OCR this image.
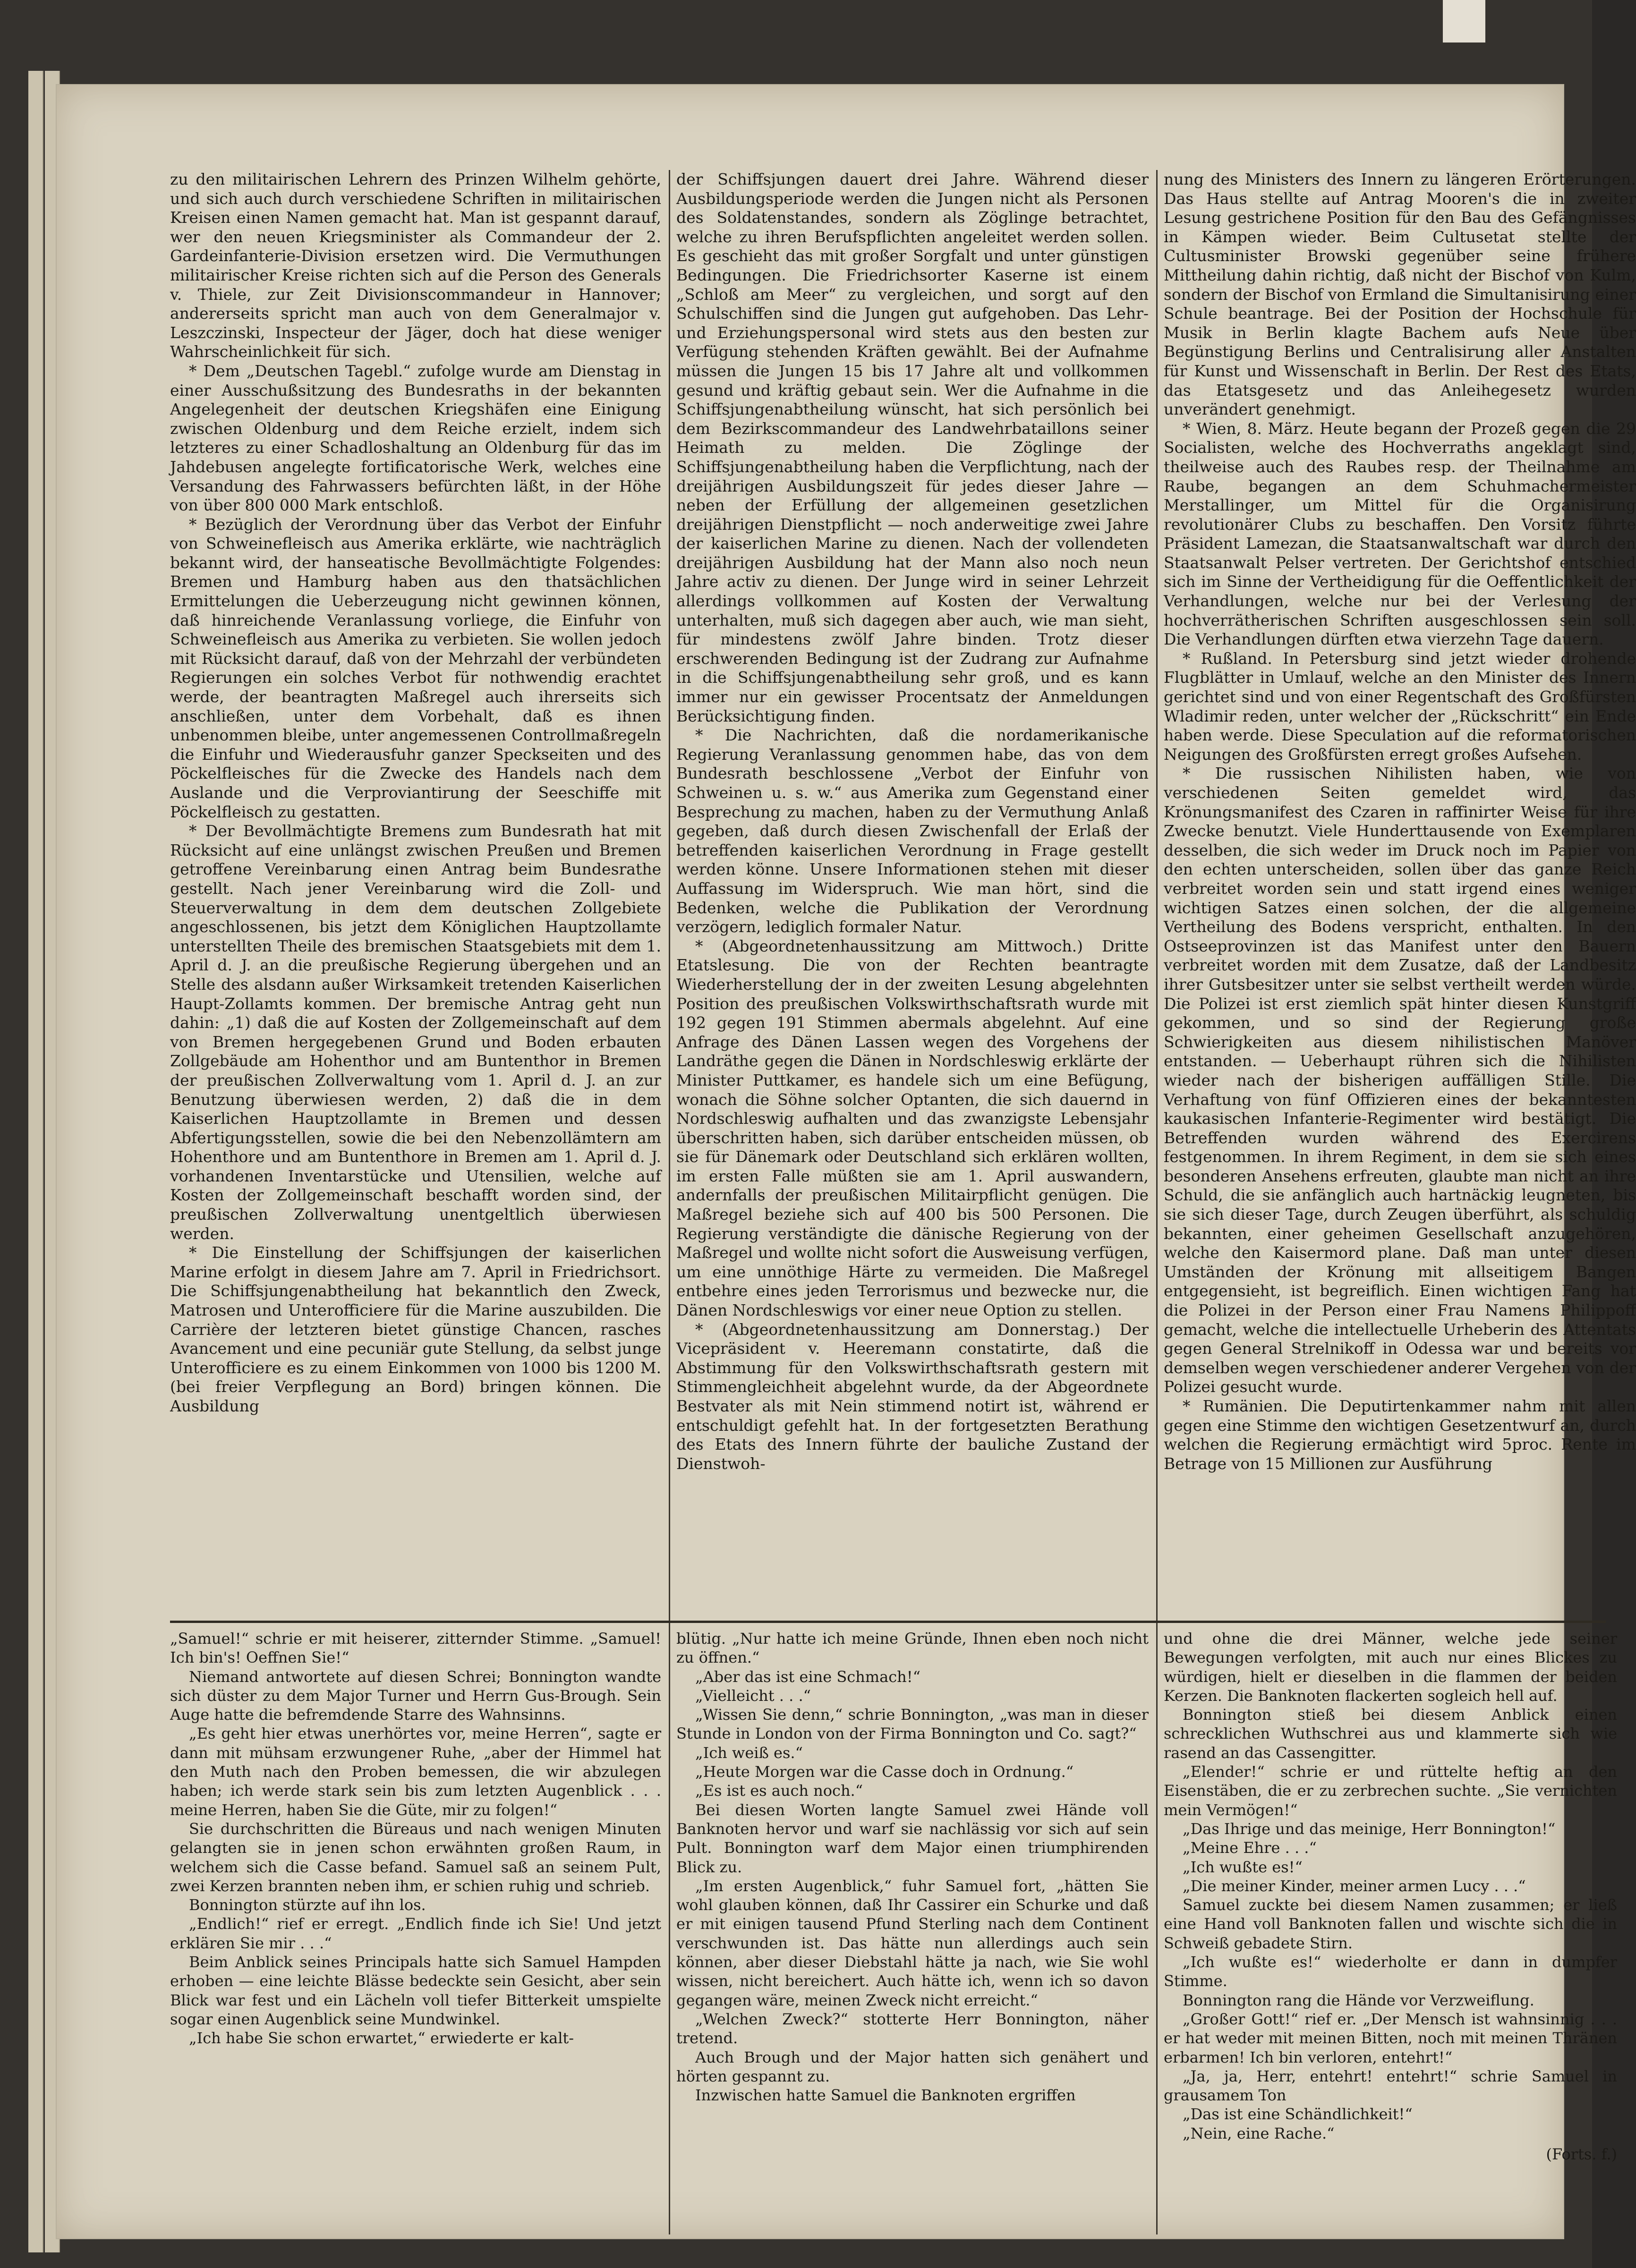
zu den militairischen Lehrern des Prinzen Wilhelm gehörte, und sich auch durch verschiedene Schriften in militairischen Kreisen einen Namen gemacht hat. Man ist gespannt darauf, wer den neuen Kriegsminister als Commandeur der 2. Gardeinfanterie-Division ersetzen wird. Die Vermuthungen militairischer Kreise richten sich auf die Person des Generals v. Thiele, zur Zeit Divisionscommandeur in Hannover; andererseits spricht man auch von dem Generalmajor v. Leszczinski, Inspecteur der Jäger, doch hat diese weniger Wahrscheinlichkeit für sich.

* Dem „Deutschen Tagebl.“ zufolge wurde am Dienstag in einer Ausschußsitzung des Bundesraths in der bekannten Angelegenheit der deutschen Kriegshäfen eine Einigung zwischen Oldenburg und dem Reiche erzielt, indem sich letzteres zu einer Schadloshaltung an Oldenburg für das im Jahdebusen angelegte fortificatorische Werk, welches eine Versandung des Fahrwassers befürchten läßt, in der Höhe von über 800 000 Mark entschloß.

* Bezüglich der Verordnung über das Verbot der Einfuhr von Schweinefleisch aus Amerika erklärte, wie nachträglich bekannt wird, der hanseatische Bevollmächtigte Folgendes: Bremen und Hamburg haben aus den thatsächlichen Ermittelungen die Ueberzeugung nicht gewinnen können, daß hinreichende Veranlassung vorliege, die Einfuhr von Schweinefleisch aus Amerika zu verbieten. Sie wollen jedoch mit Rücksicht darauf, daß von der Mehrzahl der verbündeten Regierungen ein solches Verbot für nothwendig erachtet werde, der beantragten Maßregel auch ihrerseits sich anschließen, unter dem Vorbehalt, daß es ihnen unbenommen bleibe, unter angemessenen Controllmaßregeln die Einfuhr und Wiederausfuhr ganzer Speckseiten und des Pöckelfleisches für die Zwecke des Handels nach dem Auslande und die Verproviantirung der Seeschiffe mit Pöckelfleisch zu gestatten.

* Der Bevollmächtigte Bremens zum Bundesrath hat mit Rücksicht auf eine unlängst zwischen Preußen und Bremen getroffene Vereinbarung einen Antrag beim Bundesrathe gestellt. Nach jener Vereinbarung wird die Zoll- und Steuerverwaltung in dem dem deutschen Zollgebiete angeschlossenen, bis jetzt dem Königlichen Hauptzollamte unterstellten Theile des bremischen Staatsgebiets mit dem 1. April d. J. an die preußische Regierung übergehen und an Stelle des alsdann außer Wirksamkeit tretenden Kaiserlichen Haupt-Zollamts kommen. Der bremische Antrag geht nun dahin: „1) daß die auf Kosten der Zollgemeinschaft auf dem von Bremen hergegebenen Grund und Boden erbauten Zollgebäude am Hohenthor und am Buntenthor in Bremen der preußischen Zollverwaltung vom 1. April d. J. an zur Benutzung überwiesen werden, 2) daß die in dem Kaiserlichen Hauptzollamte in Bremen und dessen Abfertigungsstellen, sowie die bei den Nebenzollämtern am Hohenthore und am Buntenthore in Bremen am 1. April d. J. vorhandenen Inventarstücke und Utensilien, welche auf Kosten der Zollgemeinschaft beschafft worden sind, der preußischen Zollverwaltung unentgeltlich überwiesen werden.

* Die Einstellung der Schiffsjungen der kaiserlichen Marine erfolgt in diesem Jahre am 7. April in Friedrichsort. Die Schiffsjungenabtheilung hat bekanntlich den Zweck, Matrosen und Unterofficiere für die Marine auszubilden. Die Carrière der letzteren bietet günstige Chancen, rasches Avancement und eine pecuniär gute Stellung, da selbst junge Unterofficiere es zu einem Einkommen von 1000 bis 1200 M. (bei freier Verpflegung an Bord) bringen können. Die Ausbildung

der Schiffsjungen dauert drei Jahre. Während dieser Ausbildungsperiode werden die Jungen nicht als Personen des Soldatenstandes, sondern als Zöglinge betrachtet, welche zu ihren Berufspflichten angeleitet werden sollen. Es geschieht das mit großer Sorgfalt und unter günstigen Bedingungen. Die Friedrichsorter Kaserne ist einem „Schloß am Meer“ zu vergleichen, und sorgt auf den Schulschiffen sind die Jungen gut aufgehoben. Das Lehr- und Erziehungspersonal wird stets aus den besten zur Verfügung stehenden Kräften gewählt. Bei der Aufnahme müssen die Jungen 15 bis 17 Jahre alt und vollkommen gesund und kräftig gebaut sein. Wer die Aufnahme in die Schiffsjungenabtheilung wünscht, hat sich persönlich bei dem Bezirkscommandeur des Landwehrbataillons seiner Heimath zu melden. Die Zöglinge der Schiffsjungenabtheilung haben die Verpflichtung, nach der dreijährigen Ausbildungszeit für jedes dieser Jahre — neben der Erfüllung der allgemeinen gesetzlichen dreijährigen Dienstpflicht — noch anderweitige zwei Jahre der kaiserlichen Marine zu dienen. Nach der vollendeten dreijährigen Ausbildung hat der Mann also noch neun Jahre activ zu dienen. Der Junge wird in seiner Lehrzeit allerdings vollkommen auf Kosten der Verwaltung unterhalten, muß sich dagegen aber auch, wie man sieht, für mindestens zwölf Jahre binden. Trotz dieser erschwerenden Bedingung ist der Zudrang zur Aufnahme in die Schiffsjungenabtheilung sehr groß, und es kann immer nur ein gewisser Procentsatz der Anmeldungen Berücksichtigung finden.

* Die Nachrichten, daß die nordamerikanische Regierung Veranlassung genommen habe, das von dem Bundesrath beschlossene „Verbot der Einfuhr von Schweinen u. s. w.“ aus Amerika zum Gegenstand einer Besprechung zu machen, haben zu der Vermuthung Anlaß gegeben, daß durch diesen Zwischenfall der Erlaß der betreffenden kaiserlichen Verordnung in Frage gestellt werden könne. Unsere Informationen stehen mit dieser Auffassung im Widerspruch. Wie man hört, sind die Bedenken, welche die Publikation der Verordnung verzögern, lediglich formaler Natur.

* (Abgeordnetenhaussitzung am Mittwoch.) Dritte Etatslesung. Die von der Rechten beantragte Wiederherstellung der in der zweiten Lesung abgelehnten Position des preußischen Volkswirthschaftsrath wurde mit 192 gegen 191 Stimmen abermals abgelehnt. Auf eine Anfrage des Dänen Lassen wegen des Vorgehens der Landräthe gegen die Dänen in Nordschleswig erklärte der Minister Puttkamer, es handele sich um eine Befügung, wonach die Söhne solcher Optanten, die sich dauernd in Nordschleswig aufhalten und das zwanzigste Lebensjahr überschritten haben, sich darüber entscheiden müssen, ob sie für Dänemark oder Deutschland sich erklären wollten, im ersten Falle müßten sie am 1. April auswandern, andernfalls der preußischen Militairpflicht genügen. Die Maßregel beziehe sich auf 400 bis 500 Personen. Die Regierung verständigte die dänische Regierung von der Maßregel und wollte nicht sofort die Ausweisung verfügen, um eine unnöthige Härte zu vermeiden. Die Maßregel entbehre eines jeden Terrorismus und bezwecke nur, die Dänen Nordschleswigs vor einer neue Option zu stellen.

* (Abgeordnetenhaussitzung am Donnerstag.) Der Vicepräsident v. Heeremann constatirte, daß die Abstimmung für den Volkswirthschaftsrath gestern mit Stimmengleichheit abgelehnt wurde, da der Abgeordnete Bestvater als mit Nein stimmend notirt ist, während er entschuldigt gefehlt hat. In der fortgesetzten Berathung des Etats des Innern führte der bauliche Zustand der Dienstwoh-

nung des Ministers des Innern zu längeren Erörterungen. Das Haus stellte auf Antrag Mooren's die in zweiter Lesung gestrichene Position für den Bau des Gefängnisses in Kämpen wieder. Beim Cultusetat stellte der Cultusminister Browski gegenüber seine frühere Mittheilung dahin richtig, daß nicht der Bischof von Kulm, sondern der Bischof von Ermland die Simultanisirung einer Schule beantrage. Bei der Position der Hochschule für Musik in Berlin klagte Bachem aufs Neue über Begünstigung Berlins und Centralisirung aller Anstalten für Kunst und Wissenschaft in Berlin. Der Rest des Etats, das Etatsgesetz und das Anleihegesetz wurden unverändert genehmigt.

* Wien, 8. März. Heute begann der Prozeß gegen die 29 Socialisten, welche des Hochverraths angeklagt sind, theilweise auch des Raubes resp. der Theilnahme am Raube, begangen an dem Schuhmachermeister Merstallinger, um Mittel für die Organisirung revolutionärer Clubs zu beschaffen. Den Vorsitz führte Präsident Lamezan, die Staatsanwaltschaft war durch den Staatsanwalt Pelser vertreten. Der Gerichtshof entschied sich im Sinne der Vertheidigung für die Oeffentlichkeit der Verhandlungen, welche nur bei der Verlesung der hochverrätherischen Schriften ausgeschlossen sein soll. Die Verhandlungen dürften etwa vierzehn Tage dauern.

* Rußland. In Petersburg sind jetzt wieder drohende Flugblätter in Umlauf, welche an den Minister des Innern gerichtet sind und von einer Regentschaft des Großfürsten Wladimir reden, unter welcher der „Rückschritt“ ein Ende haben werde. Diese Speculation auf die reformatorischen Neigungen des Großfürsten erregt großes Aufsehen.

* Die russischen Nihilisten haben, wie von verschiedenen Seiten gemeldet wird, das Krönungsmanifest des Czaren in raffinirter Weise für ihre Zwecke benutzt. Viele Hunderttausende von Exemplaren desselben, die sich weder im Druck noch im Papier von den echten unterscheiden, sollen über das ganze Reich verbreitet worden sein und statt irgend eines weniger wichtigen Satzes einen solchen, der die allgemeine Vertheilung des Bodens verspricht, enthalten. In den Ostseeprovinzen ist das Manifest unter den Bauern verbreitet worden mit dem Zusatze, daß der Landbesitz ihrer Gutsbesitzer unter sie selbst vertheilt werden würde. Die Polizei ist erst ziemlich spät hinter diesen Kunstgriff gekommen, und so sind der Regierung große Schwierigkeiten aus diesem nihilistischen Manöver entstanden. — Ueberhaupt rühren sich die Nihilisten wieder nach der bisherigen auffälligen Stille. Die Verhaftung von fünf Offizieren eines der bekanntesten kaukasischen Infanterie-Regimenter wird bestätigt. Die Betreffenden wurden während des Exercirens festgenommen. In ihrem Regiment, in dem sie sich eines besonderen Ansehens erfreuten, glaubte man nicht an ihre Schuld, die sie anfänglich auch hartnäckig leugneten, bis sie sich dieser Tage, durch Zeugen überführt, als schuldig bekannten, einer geheimen Gesellschaft anzugehören, welche den Kaisermord plane. Daß man unter diesen Umständen der Krönung mit allseitigem Bangen entgegensieht, ist begreiflich. Einen wichtigen Fang hat die Polizei in der Person einer Frau Namens Philippoff gemacht, welche die intellectuelle Urheberin des Attentats gegen General Strelnikoff in Odessa war und bereits vor demselben wegen verschiedener anderer Vergehen von der Polizei gesucht wurde.

* Rumänien. Die Deputirtenkammer nahm mit allen gegen eine Stimme den wichtigen Gesetzentwurf an, durch welchen die Regierung ermächtigt wird 5proc. Rente im Betrage von 15 Millionen zur Ausführung

„Samuel!“ schrie er mit heiserer, zitternder Stimme. „Samuel! Ich bin's! Oeffnen Sie!“

Niemand antwortete auf diesen Schrei; Bonnington wandte sich düster zu dem Major Turner und Herrn Gus-Brough. Sein Auge hatte die befremdende Starre des Wahnsinns.

„Es geht hier etwas unerhörtes vor, meine Herren“, sagte er dann mit mühsam erzwungener Ruhe, „aber der Himmel hat den Muth nach den Proben bemessen, die wir abzulegen haben; ich werde stark sein bis zum letzten Augenblick . . . meine Herren, haben Sie die Güte, mir zu folgen!“

Sie durchschritten die Büreaus und nach wenigen Minuten gelangten sie in jenen schon erwähnten großen Raum, in welchem sich die Casse befand. Samuel saß an seinem Pult, zwei Kerzen brannten neben ihm, er schien ruhig und schrieb.

Bonnington stürzte auf ihn los.

„Endlich!“ rief er erregt. „Endlich finde ich Sie! Und jetzt erklären Sie mir . . .“

Beim Anblick seines Principals hatte sich Samuel Hampden erhoben — eine leichte Blässe bedeckte sein Gesicht, aber sein Blick war fest und ein Lächeln voll tiefer Bitterkeit umspielte sogar einen Augenblick seine Mundwinkel.

„Ich habe Sie schon erwartet,“ erwiederte er kalt-

blütig. „Nur hatte ich meine Gründe, Ihnen eben noch nicht zu öffnen.“

„Aber das ist eine Schmach!“

„Vielleicht . . .“

„Wissen Sie denn,“ schrie Bonnington, „was man in dieser Stunde in London von der Firma Bonnington und Co. sagt?“

„Ich weiß es.“

„Heute Morgen war die Casse doch in Ordnung.“

„Es ist es auch noch.“

Bei diesen Worten langte Samuel zwei Hände voll Banknoten hervor und warf sie nachlässig vor sich auf sein Pult. Bonnington warf dem Major einen triumphirenden Blick zu.

„Im ersten Augenblick,“ fuhr Samuel fort, „hätten Sie wohl glauben können, daß Ihr Cassirer ein Schurke und daß er mit einigen tausend Pfund Sterling nach dem Continent verschwunden ist. Das hätte nun allerdings auch sein können, aber dieser Diebstahl hätte ja nach, wie Sie wohl wissen, nicht bereichert. Auch hätte ich, wenn ich so davon gegangen wäre, meinen Zweck nicht erreicht.“

„Welchen Zweck?“ stotterte Herr Bonnington, näher tretend.

Auch Brough und der Major hatten sich genähert und hörten gespannt zu.

Inzwischen hatte Samuel die Banknoten ergriffen

und ohne die drei Männer, welche jede seiner Bewegungen verfolgten, mit auch nur eines Blickes zu würdigen, hielt er dieselben in die flammen der beiden Kerzen. Die Banknoten flackerten sogleich hell auf.

Bonnington stieß bei diesem Anblick einen schrecklichen Wuthschrei aus und klammerte sich wie rasend an das Cassengitter.

„Elender!“ schrie er und rüttelte heftig an den Eisenstäben, die er zu zerbrechen suchte. „Sie vernichten mein Vermögen!“

„Das Ihrige und das meinige, Herr Bonnington!“

„Meine Ehre . . .“

„Ich wußte es!“

„Die meiner Kinder, meiner armen Lucy . . .“

Samuel zuckte bei diesem Namen zusammen; er ließ eine Hand voll Banknoten fallen und wischte sich die in Schweiß gebadete Stirn.

„Ich wußte es!“ wiederholte er dann in dumpfer Stimme.

Bonnington rang die Hände vor Verzweiflung.

„Großer Gott!“ rief er. „Der Mensch ist wahnsinnig . . . er hat weder mit meinen Bitten, noch mit meinen Thränen erbarmen! Ich bin verloren, entehrt!“

„Ja, ja, Herr, entehrt! entehrt!“ schrie Samuel in grausamem Ton

„Das ist eine Schändlichkeit!“

„Nein, eine Rache.“

(Forts. f.)
